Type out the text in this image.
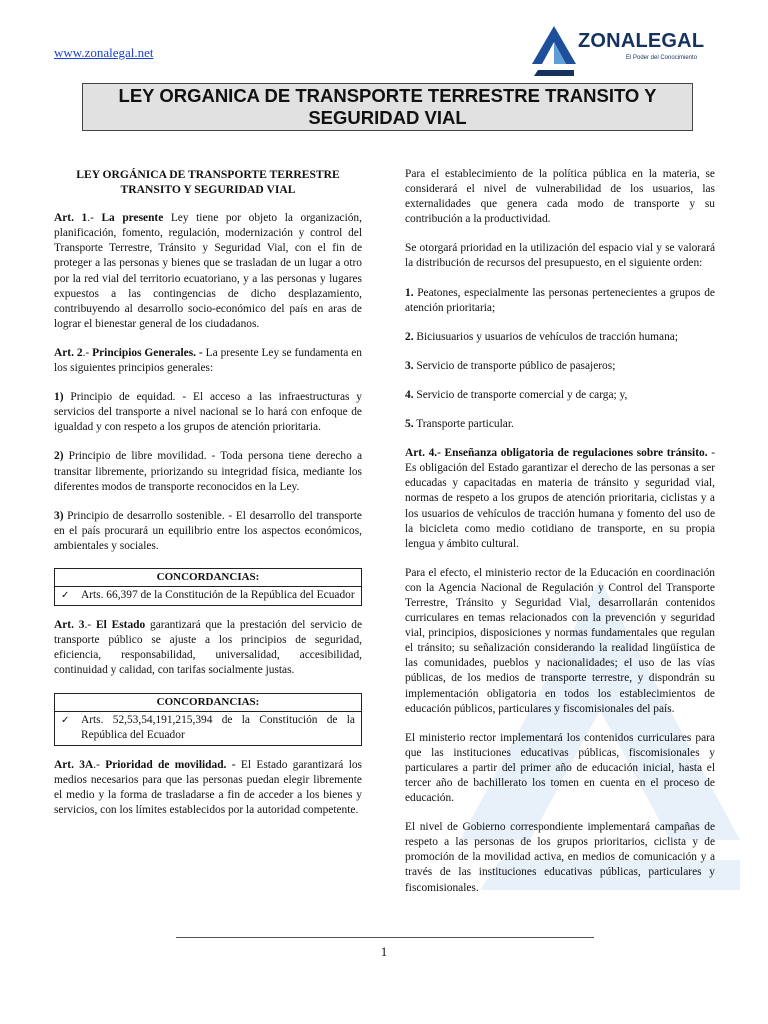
www.zonalegal.net
ZONALEGAL
El Poder del Conocimiento
LEY ORGANICA DE TRANSPORTE TERRESTRE TRANSITO Y SEGURIDAD VIAL
LEY ORGÁNICA DE TRANSPORTE TERRESTRE TRANSITO Y SEGURIDAD VIAL

Art. 1.- La presente Ley tiene por objeto la organización, planificación, fomento, regulación, modernización y control del Transporte Terrestre, Tránsito y Seguridad Vial, con el fin de proteger a las personas y bienes que se trasladan de un lugar a otro por la red vial del territorio ecuatoriano, y a las personas y lugares expuestos a las contingencias de dicho desplazamiento, contribuyendo al desarrollo socio-económico del país en aras de lograr el bienestar general de los ciudadanos.

Art. 2.- Principios Generales. - La presente Ley se fundamenta en los siguientes principios generales:

1) Principio de equidad. - El acceso a las infraestructuras y servicios del transporte a nivel nacional se lo hará con enfoque de igualdad y con respeto a los grupos de atención prioritaria.

2) Principio de libre movilidad. - Toda persona tiene derecho a transitar libremente, priorizando su integridad física, mediante los diferentes modos de transporte reconocidos en la Ley.

3) Principio de desarrollo sostenible. - El desarrollo del transporte en el país procurará un equilibrio entre los aspectos económicos, ambientales y sociales.

CONCORDANCIAS:
✓	Arts. 66,397 de la Constitución de la República del Ecuador

Art. 3.- El Estado garantizará que la prestación del servicio de transporte público se ajuste a los principios de seguridad, eficiencia, responsabilidad, universalidad, accesibilidad, continuidad y calidad, con tarifas socialmente justas.

CONCORDANCIAS:
✓	Arts. 52,53,54,191,215,394 de la Constitución de la República del Ecuador

Art. 3A.- Prioridad de movilidad. - El Estado garantizará los medios necesarios para que las personas puedan elegir libremente el medio y la forma de trasladarse a fin de acceder a los bienes y servicios, con los límites establecidos por la autoridad competente.

Para el establecimiento de la política pública en la materia, se considerará el nivel de vulnerabilidad de los usuarios, las externalidades que genera cada modo de transporte y su contribución a la productividad.

Se otorgará prioridad en la utilización del espacio vial y se valorará la distribución de recursos del presupuesto, en el siguiente orden:

1. Peatones, especialmente las personas pertenecientes a grupos de atención prioritaria;

2. Biciusuarios y usuarios de vehículos de tracción humana;

3. Servicio de transporte público de pasajeros;

4. Servicio de transporte comercial y de carga; y,

5. Transporte particular.

Art. 4.- Enseñanza obligatoria de regulaciones sobre tránsito. - Es obligación del Estado garantizar el derecho de las personas a ser educadas y capacitadas en materia de tránsito y seguridad vial, normas de respeto a los grupos de atención prioritaria, ciclistas y a los usuarios de vehículos de tracción humana y fomento del uso de la bicicleta como medio cotidiano de transporte, en su propia lengua y ámbito cultural.

Para el efecto, el ministerio rector de la Educación en coordinación con la Agencia Nacional de Regulación y Control del Transporte Terrestre, Tránsito y Seguridad Vial, desarrollarán contenidos curriculares en temas relacionados con la prevención y seguridad vial, principios, disposiciones y normas fundamentales que regulan el tránsito; su señalización considerando la realidad lingüística de las comunidades, pueblos y nacionalidades; el uso de las vías públicas, de los medios de transporte terrestre, y dispondrán su implementación obligatoria en todos los establecimientos de educación públicos, particulares y fiscomisionales del país.

El ministerio rector implementará los contenidos curriculares para que las instituciones educativas públicas, fiscomisionales y particulares a partir del primer año de educación inicial, hasta el tercer año de bachillerato los tomen en cuenta en el proceso de educación.

El nivel de Gobierno correspondiente implementará campañas de respeto a las personas de los grupos prioritarios, ciclista y de promoción de la movilidad activa, en medios de comunicación y a través de las instituciones educativas públicas, particulares y fiscomisionales.

1
